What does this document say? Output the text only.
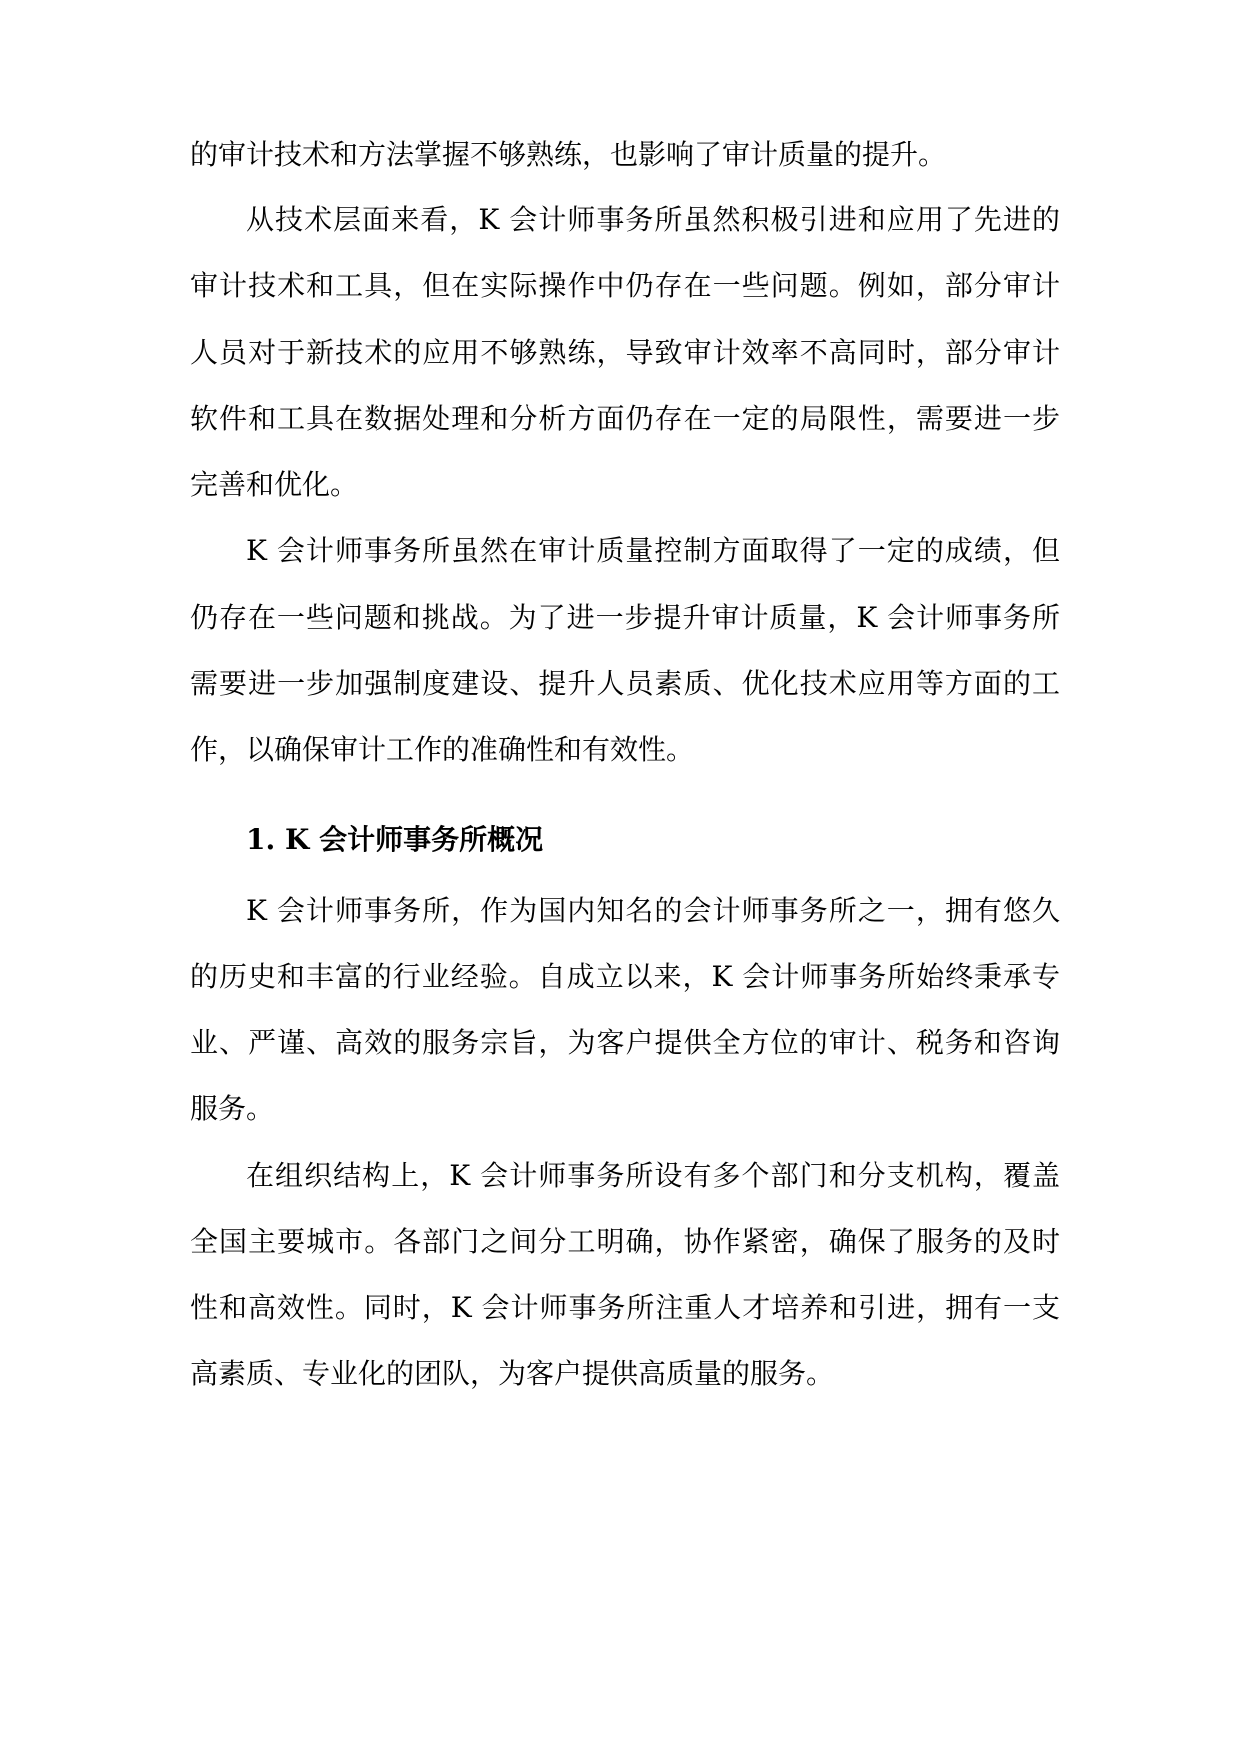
的审计技术和方法掌握不够熟练，也影响了审计质量的提升。
从技术层面来看，K 会计师事务所虽然积极引进和应用了先进的
审计技术和工具，但在实际操作中仍存在一些问题。例如，部分审计
人员对于新技术的应用不够熟练，导致审计效率不高同时，部分审计
软件和工具在数据处理和分析方面仍存在一定的局限性，需要进一步
完善和优化。
K 会计师事务所虽然在审计质量控制方面取得了一定的成绩，但
仍存在一些问题和挑战。为了进一步提升审计质量，K 会计师事务所
需要进一步加强制度建设、提升人员素质、优化技术应用等方面的工
作，以确保审计工作的准确性和有效性。
1. K 会计师事务所概况
K 会计师事务所，作为国内知名的会计师事务所之一，拥有悠久
的历史和丰富的行业经验。自成立以来，K 会计师事务所始终秉承专
业、严谨、高效的服务宗旨，为客户提供全方位的审计、税务和咨询
服务。
在组织结构上，K 会计师事务所设有多个部门和分支机构，覆盖
全国主要城市。各部门之间分工明确，协作紧密，确保了服务的及时
性和高效性。同时，K 会计师事务所注重人才培养和引进，拥有一支
高素质、专业化的团队，为客户提供高质量的服务。
